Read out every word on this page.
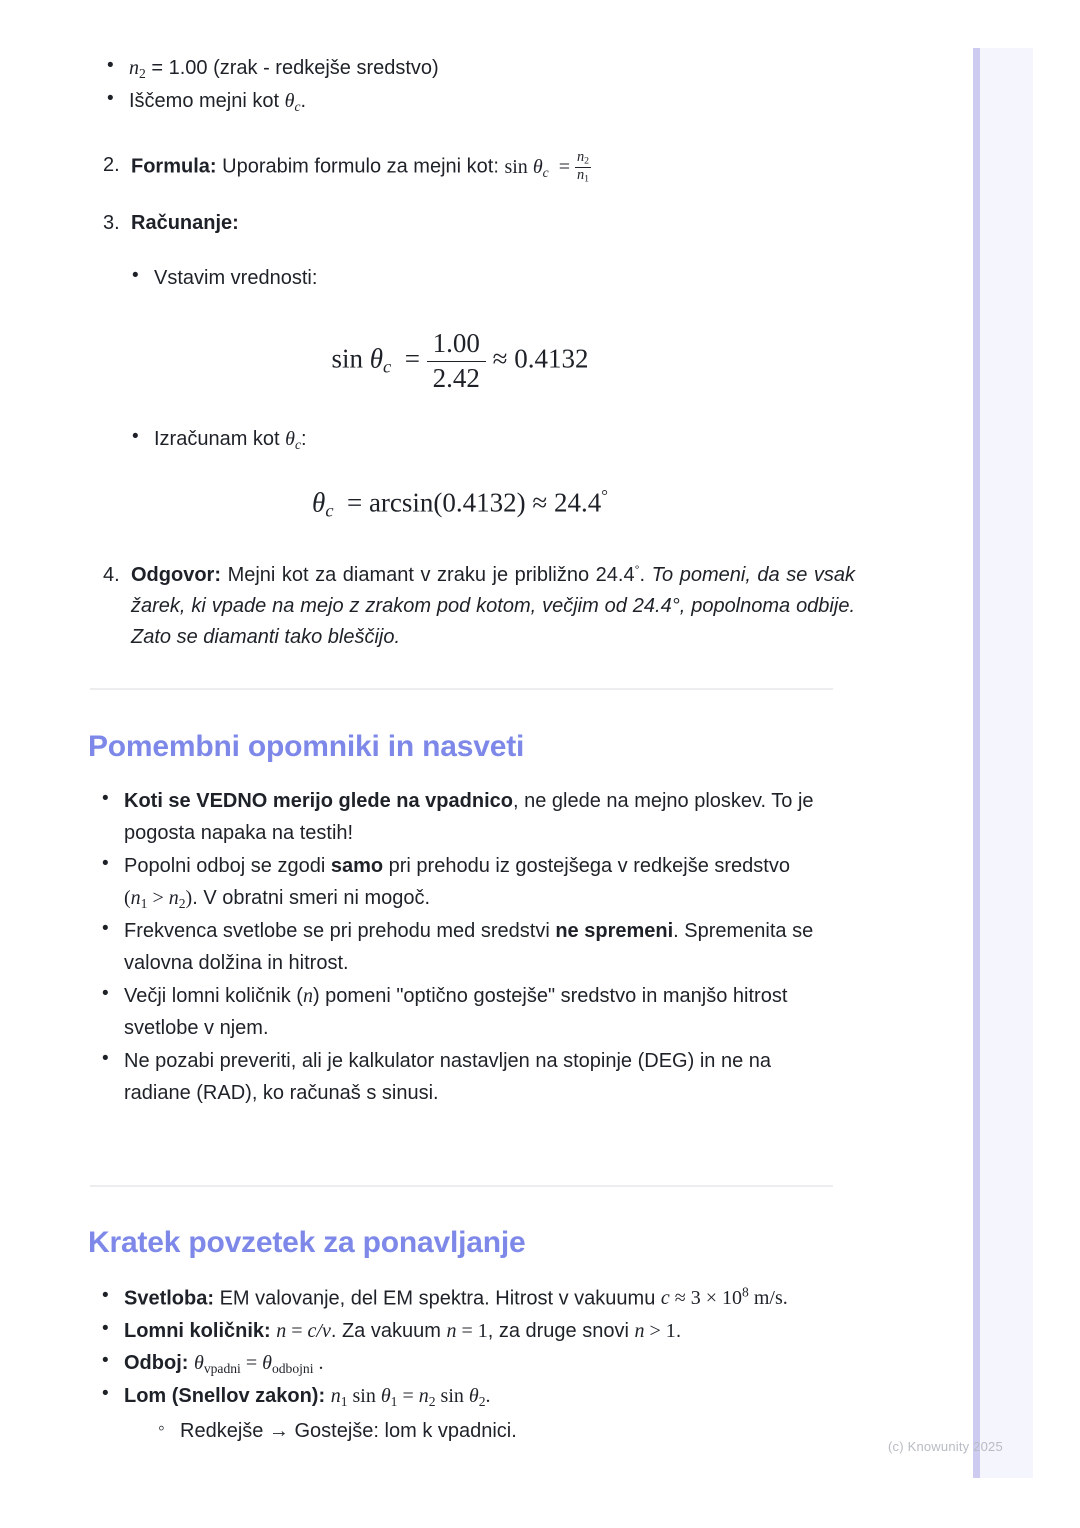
• n2 = 1.00 (zrak - redkejše sredstvo)
• Iščemo mejni kot $\theta_c$.
2. Formula: Uporabim formulo za mejni kot: $\sin \theta_c = \frac{n2}{n1}$
3. Računanje:
• Vstavim vrednosti:
$\sin \theta_c = \frac{1.00}{2.42} \approx 0.4132$
• Izračunam kot $\theta_c$:
$\theta_c = \arcsin(0.4132) \approx 24.4^\circ$
4. Odgovor: Mejni kot za diamant v zraku je približno 24.4°. To pomeni, da se vsak žarek, ki vpade na mejo z zrakom pod kotom, večjim od 24.4°, popolnoma odbije. Zato se diamanti tako bleščijo.
Pomembni opomniki in nasveti
• Koti se VEDNO merijo glede na vpadnico, ne glede na mejno ploskev. To je pogosta napaka na testih!
• Popolni odboj se zgodi samo pri prehodu iz gostejšega v redkejše sredstvo (n1 > n2). V obratni smeri ni mogoč.
• Frekvenca svetlobe se pri prehodu med sredstvi ne spremeni. Spremenita se valovna dolžina in hitrost.
• Večji lomni količnik (n) pomeni "optično gostejše" sredstvo in manjšo hitrost svetlobe v njem.
• Ne pozabi preveriti, ali je kalkulator nastavljen na stopinje (DEG) in ne na radiane (RAD), ko računaš s sinusi.
Kratek povzetek za ponavljanje
• Svetloba: EM valovanje, del EM spektra. Hitrost v vakuumu $c \approx 3 \times 10^8$ m/s.
• Lomni količnik: n = c/v. Za vakuum n = 1, za druge snovi n > 1.
• Odboj: θvpadni = θodbojni .
• Lom (Snellov zakon): n1 sin θ1 = n2 sin θ2.
◦ Redkejše → Gostejše: lom k vpadnici.
(c) Knowunity 2025
